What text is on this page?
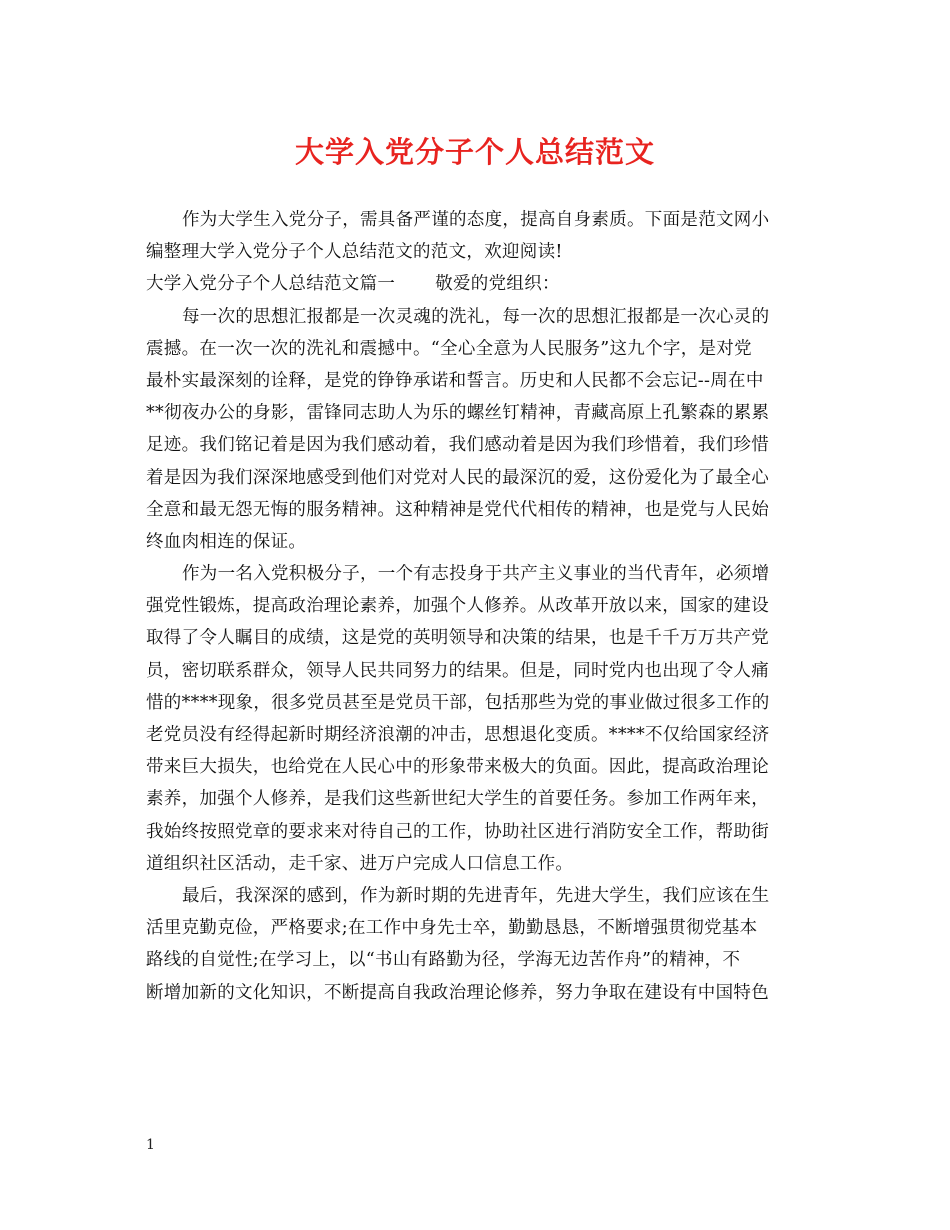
大学入党分子个人总结范文
作为大学生入党分子，需具备严谨的态度，提高自身素质。下面是范文网小
编整理大学入党分子个人总结范文的范文，欢迎阅读!
大学入党分子个人总结范文篇一 敬爱的党组织：
每一次的思想汇报都是一次灵魂的洗礼，每一次的思想汇报都是一次心灵的
震撼。在一次一次的洗礼和震撼中。“全心全意为人民服务”这九个字，是对党
最朴实最深刻的诠释，是党的铮铮承诺和誓言。历史和人民都不会忘记--周在中
**彻夜办公的身影，雷锋同志助人为乐的螺丝钉精神，青藏高原上孔繁森的累累
足迹。我们铭记着是因为我们感动着，我们感动着是因为我们珍惜着，我们珍惜
着是因为我们深深地感受到他们对党对人民的最深沉的爱，这份爱化为了最全心
全意和最无怨无悔的服务精神。这种精神是党代代相传的精神，也是党与人民始
终血肉相连的保证。
作为一名入党积极分子，一个有志投身于共产主义事业的当代青年，必须增
强党性锻炼，提高政治理论素养，加强个人修养。从改革开放以来，国家的建设
取得了令人瞩目的成绩，这是党的英明领导和决策的结果，也是千千万万共产党
员，密切联系群众，领导人民共同努力的结果。但是，同时党内也出现了令人痛
惜的****现象，很多党员甚至是党员干部，包括那些为党的事业做过很多工作的
老党员没有经得起新时期经济浪潮的冲击，思想退化变质。****不仅给国家经济
带来巨大损失，也给党在人民心中的形象带来极大的负面。因此，提高政治理论
素养，加强个人修养，是我们这些新世纪大学生的首要任务。参加工作两年来，
我始终按照党章的要求来对待自己的工作，协助社区进行消防安全工作，帮助街
道组织社区活动，走千家、进万户完成人口信息工作。
最后，我深深的感到，作为新时期的先进青年，先进大学生，我们应该在生
活里克勤克俭，严格要求;在工作中身先士卒，勤勤恳恳，不断增强贯彻党基本
路线的自觉性;在学习上，以“书山有路勤为径，学海无边苦作舟”的精神，不
断增加新的文化知识，不断提高自我政治理论修养，努力争取在建设有中国特色
1
